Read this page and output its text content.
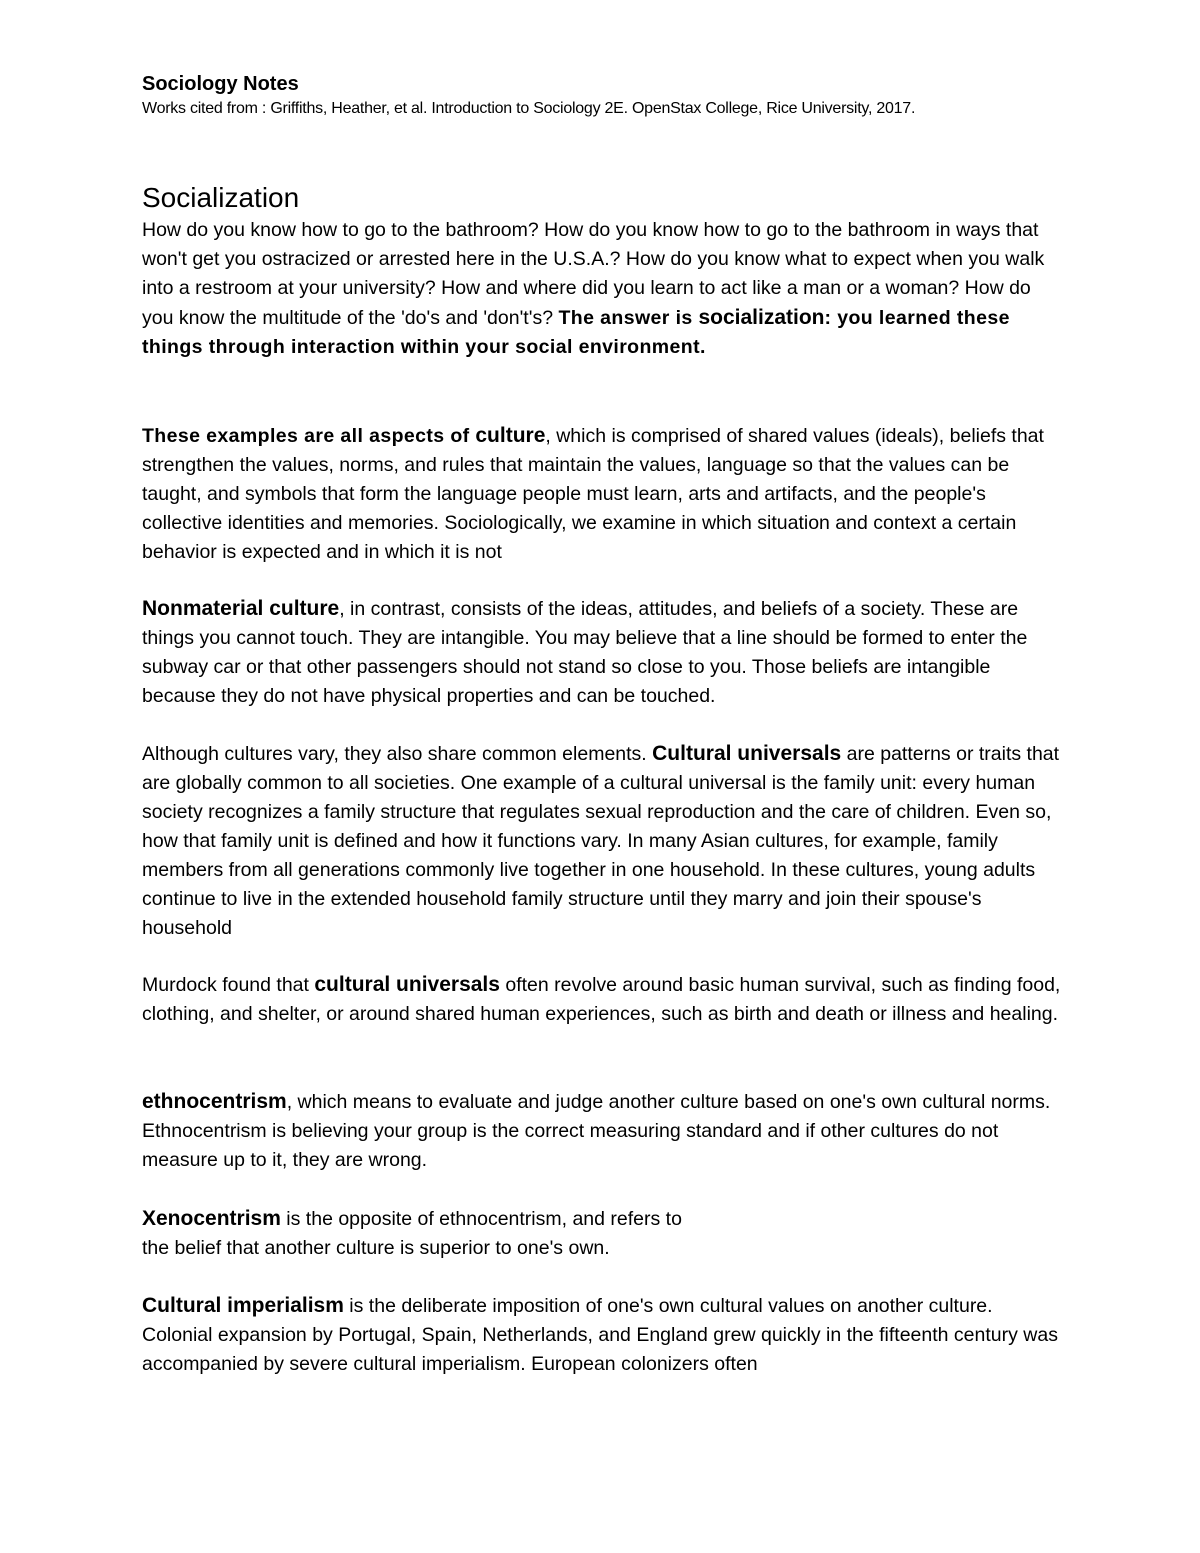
Sociology Notes

Works cited from : Griffiths, Heather, et al. Introduction to Sociology 2E. OpenStax College, Rice University, 2017.

Socialization

How do you know how to go to the bathroom? How do you know how to go to the bathroom in ways that won't get you ostracized or arrested here in the U.S.A.? How do you know what to expect when you walk into a restroom at your university? How and where did you learn to act like a man or a woman? How do you know the multitude of the 'do's and 'don't's? The answer is socialization: you learned these things through interaction within your social environment.

These examples are all aspects of culture, which is comprised of shared values (ideals), beliefs that strengthen the values, norms, and rules that maintain the values, language so that the values can be taught, and symbols that form the language people must learn, arts and artifacts, and the people's collective identities and memories. Sociologically, we examine in which situation and context a certain behavior is expected and in which it is not

Nonmaterial culture, in contrast, consists of the ideas, attitudes, and beliefs of a society. These are things you cannot touch. They are intangible. You may believe that a line should be formed to enter the subway car or that other passengers should not stand so close to you. Those beliefs are intangible because they do not have physical properties and can be touched.

Although cultures vary, they also share common elements. Cultural universals are patterns or traits that are globally common to all societies. One example of a cultural universal is the family unit: every human society recognizes a family structure that regulates sexual reproduction and the care of children. Even so, how that family unit is defined and how it functions vary. In many Asian cultures, for example, family members from all generations commonly live together in one household. In these cultures, young adults continue to live in the extended household family structure until they marry and join their spouse's household

Murdock found that cultural universals often revolve around basic human survival, such as finding food, clothing, and shelter, or around shared human experiences, such as birth and death or illness and healing.

ethnocentrism, which means to evaluate and judge another culture based on one's own cultural norms. Ethnocentrism is believing your group is the correct measuring standard and if other cultures do not measure up to it, they are wrong.

Xenocentrism is the opposite of ethnocentrism, and refers to
the belief that another culture is superior to one's own.

Cultural imperialism is the deliberate imposition of one's own cultural values on another culture. Colonial expansion by Portugal, Spain, Netherlands, and England grew quickly in the fifteenth century was accompanied by severe cultural imperialism. European colonizers often
